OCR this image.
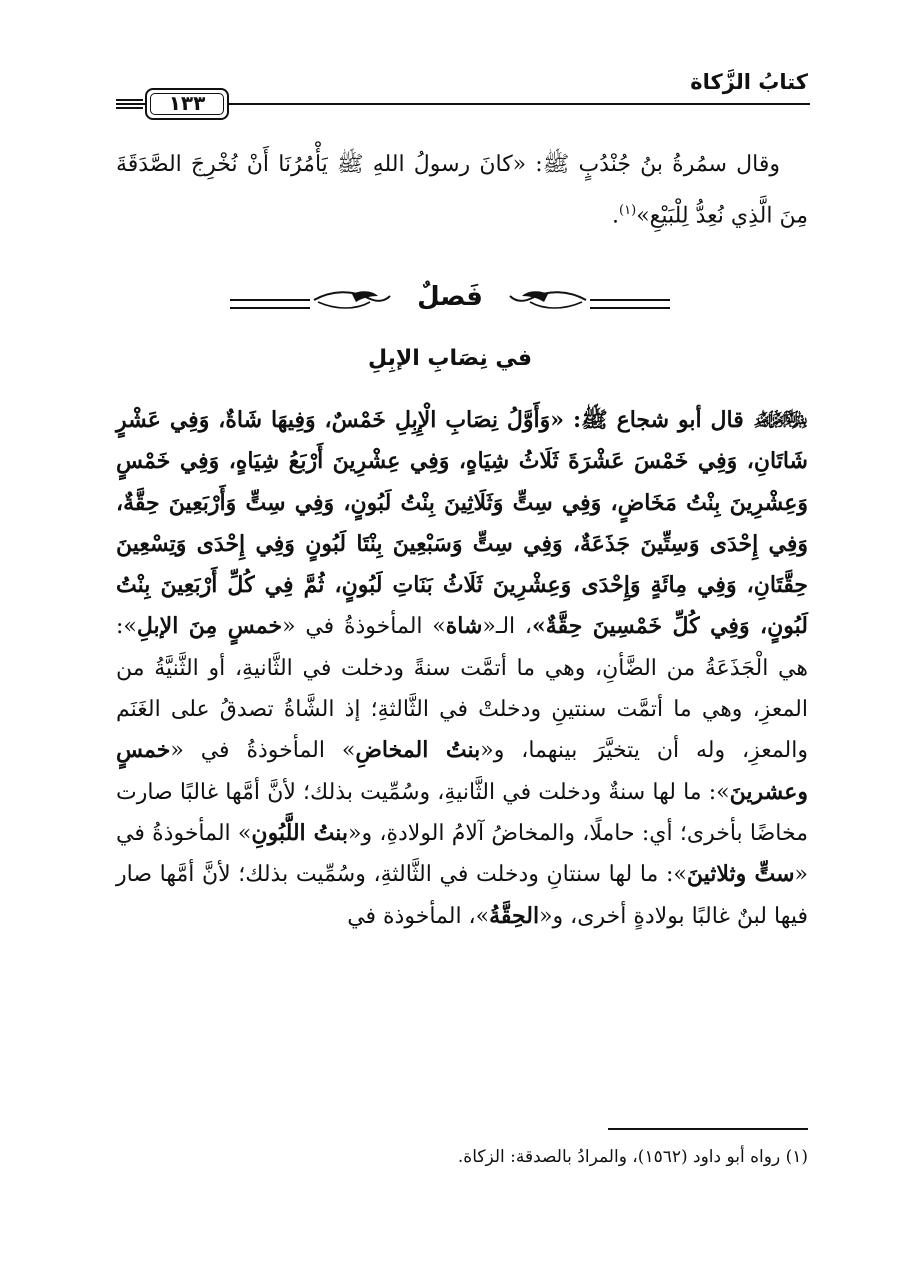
كتابُ الزَّكاة
١٣٣

وقال سمُرةُ بنُ جُنْدُبٍ ﷺ: «كانَ رسولُ اللهِ ﷺ يَأْمُرُنَا أَنْ نُخْرِجَ الصَّدَقَةَ مِنَ الَّذِي نُعِدُّ لِلْبَيْعِ»$^{(١)}$.

فَصلٌ
في نِصَابِ الإبِلِ

﷽ قال أبو شجاع ﷺ: «وَأَوَّلُ نِصَابِ الْإِبِلِ خَمْسٌ، وَفِيهَا شَاةٌ، وَفِي عَشْرٍ شَاتَانِ، وَفِي خَمْسَ عَشْرَةَ ثَلَاثُ شِيَاهٍ، وَفِي عِشْرِينَ أَرْبَعُ شِيَاهٍ، وَفِي خَمْسٍ وَعِشْرِينَ بِنْتُ مَخَاضٍ، وَفِي سِتٍّ وَثَلَاثِينَ بِنْتُ لَبُونٍ، وَفِي سِتٍّ وَأَرْبَعِينَ حِقَّةٌ، وَفِي إِحْدَى وَسِتِّينَ جَذَعَةٌ، وَفِي سِتٍّ وَسَبْعِينَ بِنْتَا لَبُونٍ وَفِي إِحْدَى وَتِسْعِينَ حِقَّتَانِ، وَفِي مِائَةٍ وَإِحْدَى وَعِشْرِينَ ثَلَاثُ بَنَاتِ لَبُونٍ، ثُمَّ فِي كُلِّ أَرْبَعِينَ بِنْتُ لَبُونٍ، وَفِي كُلِّ خَمْسِينَ حِقَّةٌ»، الـ«شاة» المأخوذةُ في «خمسٍ مِنَ الإبلِ»: هي الْجَذَعَةُ من الضَّأنِ، وهي ما أتمَّت سنةً ودخلت في الثَّانيةِ، أو الثَّنيَّةُ من المعزِ، وهي ما أتمَّت سنتينِ ودخلتْ في الثَّالثةِ؛ إذ الشَّاةُ تصدقُ على الغَنَم والمعزِ، وله أن يتخيَّرَ بينهما، و«بنتُ المخاضِ» المأخوذةُ في «خمسٍ وعشرينَ»: ما لها سنةٌ ودخلت في الثَّانيةِ، وسُمِّيت بذلك؛ لأنَّ أمَّها غالبًا صارت مخاضًا بأخرى؛ أي: حاملًا، والمخاضُ آلامُ الولادةِ، و«بنتُ اللَّبُونِ» المأخوذةُ في «ستٍّ وثلاثينَ»: ما لها سنتانِ ودخلت في الثَّالثةِ، وسُمِّيت بذلك؛ لأنَّ أمَّها صار فيها لبنٌ غالبًا بولادةٍ أخرى، و«الحِقَّةُ»، المأخوذة في

(١) رواه أبو داود (١٥٦٢)، والمرادُ بالصدقة: الزكاة.
